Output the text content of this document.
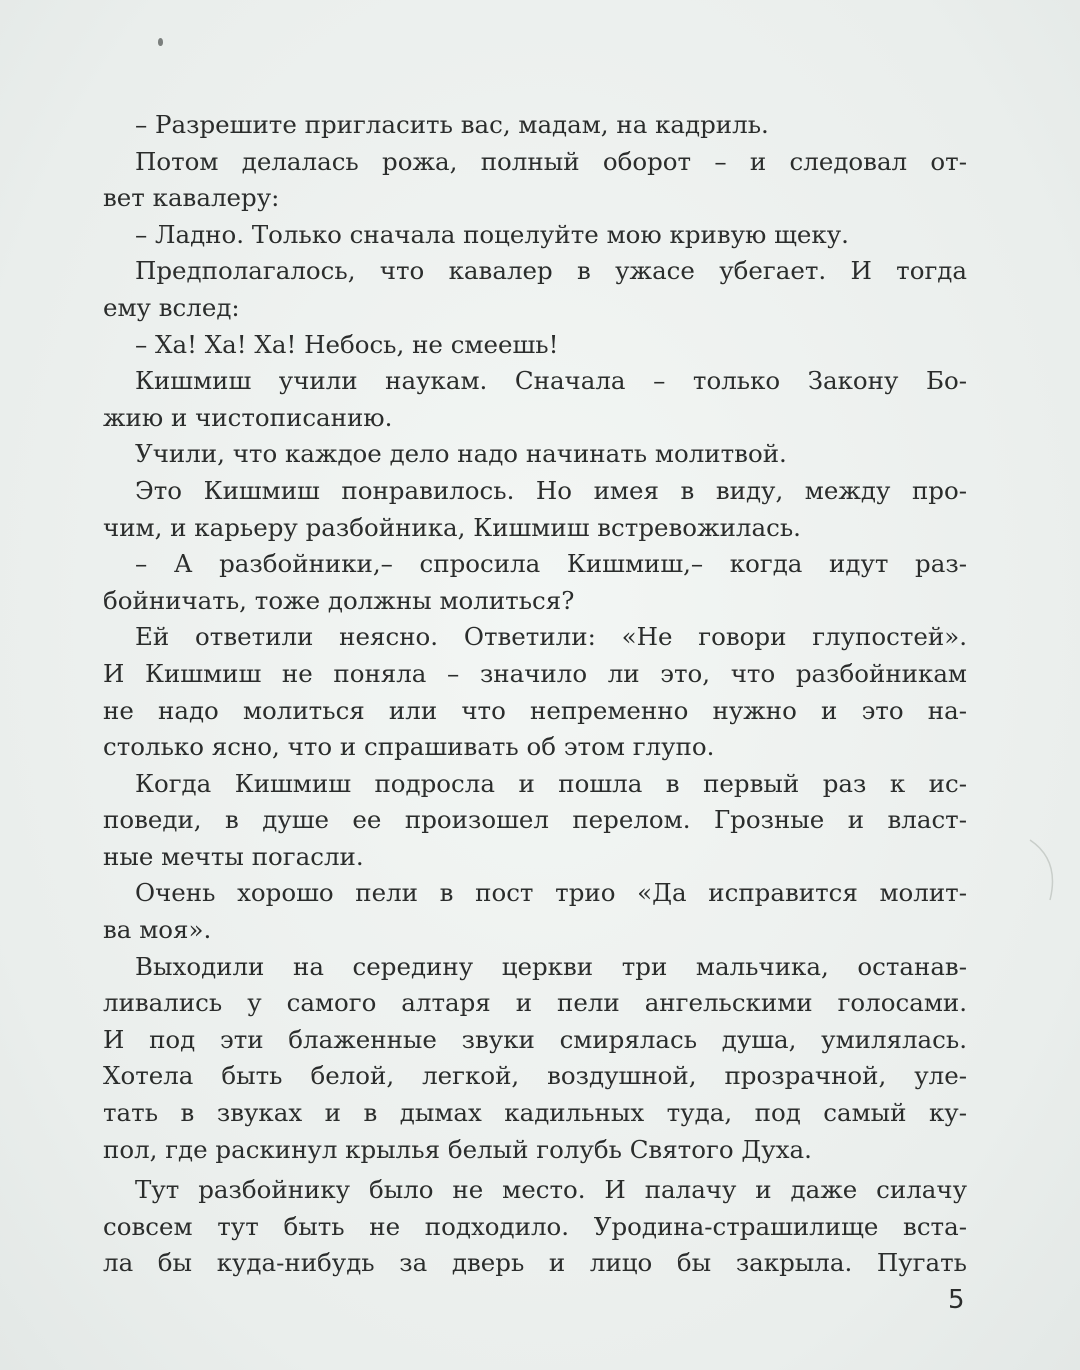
– Разрешите пригласить вас, мадам, на кадриль.
Потом делалась рожа, полный оборот – и следовал от-
вет кавалеру:
– Ладно. Только сначала поцелуйте мою кривую щеку.
Предполагалось, что кавалер в ужасе убегает. И тогда
ему вслед:
– Ха! Ха! Ха! Небось, не смеешь!
Кишмиш учили наукам. Сначала – только Закону Бо-
жию и чистописанию.
Учили, что каждое дело надо начинать молитвой.
Это Кишмиш понравилось. Но имея в виду, между про-
чим, и карьеру разбойника, Кишмиш встревожилась.
– А разбойники,– спросила Кишмиш,– когда идут раз-
бойничать, тоже должны молиться?
Ей ответили неясно. Ответили: «Не говори глупостей».
И Кишмиш не поняла – значило ли это, что разбойникам
не надо молиться или что непременно нужно и это на-
столько ясно, что и спрашивать об этом глупо.
Когда Кишмиш подросла и пошла в первый раз к ис-
поведи, в душе ее произошел перелом. Грозные и власт-
ные мечты погасли.
Очень хорошо пели в пост трио «Да исправится молит-
ва моя».
Выходили на середину церкви три мальчика, останав-
ливались у самого алтаря и пели ангельскими голосами.
И под эти блаженные звуки смирялась душа, умилялась.
Хотела быть белой, легкой, воздушной, прозрачной, уле-
тать в звуках и в дымах кадильных туда, под самый ку-
пол, где раскинул крылья белый голубь Святого Духа.
Тут разбойнику было не место. И палачу и даже силачу
совсем тут быть не подходило. Уродина-страшилище вста-
ла бы куда-нибудь за дверь и лицо бы закрыла. Пугать
5
